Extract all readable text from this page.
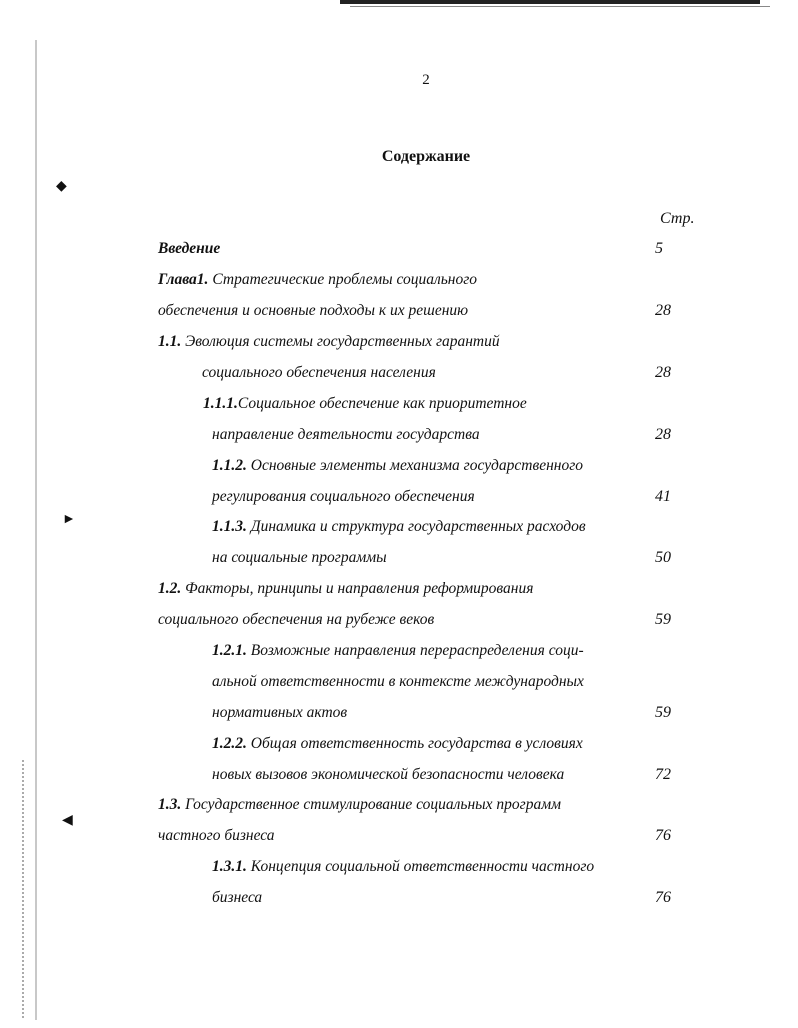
◆
►
◀
2
Содержание
Стр.
Введение	5
Глава1. Стратегические проблемы социального
обеспечения и основные подходы к их решению	28
1.1. Эволюция системы государственных гарантий
социального обеспечения населения	28
1.1.1.Социальное обеспечение как приоритетное
направление деятельности государства	28
1.1.2. Основные элементы механизма государственного
регулирования социального обеспечения	41
1.1.3. Динамика и структура государственных расходов
на социальные программы	50
1.2. Факторы, принципы и направления реформирования
социального обеспечения на рубеже веков	59
1.2.1. Возможные направления перераспределения соци-
альной ответственности в контексте международных
нормативных актов	59
1.2.2. Общая ответственность государства в условиях
новых вызовов экономической безопасности человека	72
1.3. Государственное стимулирование социальных программ
частного бизнеса	76
1.3.1. Концепция социальной ответственности частного
бизнеса	76
